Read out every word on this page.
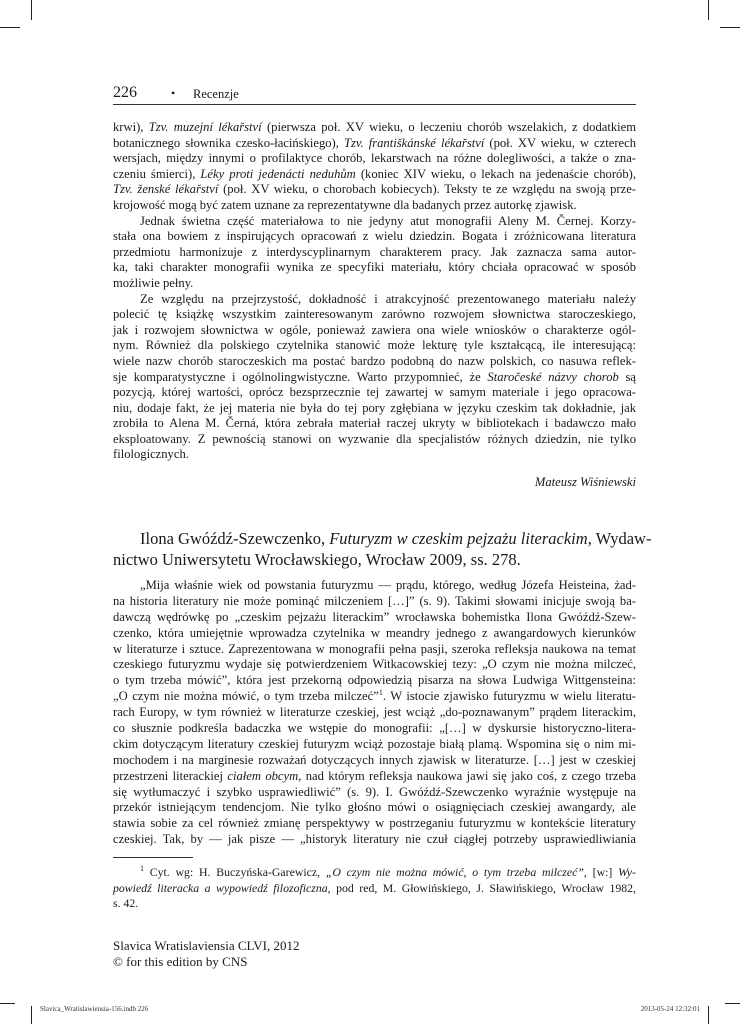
226	• Recenzje
krwi), Tzv. muzejní lékařství (pierwsza poł. XV wieku, o leczeniu chorób wszelakich, z dodatkiem
botanicznego słownika czesko-łacińskiego), Tzv. františkánské lékařství (poł. XV wieku, w czterech
wersjach, między innymi o profilaktyce chorób, lekarstwach na różne dolegliwości, a także o zna-
czeniu śmierci), Léky proti jedenácti neduhům (koniec XIV wieku, o lekach na jedenaście chorób),
Tzv. ženské lékařství (poł. XV wieku, o chorobach kobiecych). Teksty te ze względu na swoją prze-
krojowość mogą być zatem uznane za reprezentatywne dla badanych przez autorkę zjawisk.
Jednak świetna część materiałowa to nie jedyny atut monografii Aleny M. Černej. Korzy-
stała ona bowiem z inspirujących opracowań z wielu dziedzin. Bogata i zróżnicowana literatura
przedmiotu harmonizuje z interdyscyplinarnym charakterem pracy. Jak zaznacza sama autor-
ka, taki charakter monografii wynika ze specyfiki materiału, który chciała opracować w sposób
możliwie pełny.
Ze względu na przejrzystość, dokładność i atrakcyjność prezentowanego materiału należy
polecić tę książkę wszystkim zainteresowanym zarówno rozwojem słownictwa staroczeskiego,
jak i rozwojem słownictwa w ogóle, ponieważ zawiera ona wiele wniosków o charakterze ogól-
nym. Również dla polskiego czytelnika stanowić może lekturę tyle kształcącą, ile interesującą:
wiele nazw chorób staroczeskich ma postać bardzo podobną do nazw polskich, co nasuwa reflek-
sje komparatystyczne i ogólnolingwistyczne. Warto przypomnieć, że Staročeské názvy chorob są
pozycją, której wartości, oprócz bezsprzecznie tej zawartej w samym materiale i jego opracowa-
niu, dodaje fakt, że jej materia nie była do tej pory zgłębiana w języku czeskim tak dokładnie, jak
zrobiła to Alena M. Černá, która zebrała materiał raczej ukryty w bibliotekach i badawczo mało
eksploatowany. Z pewnością stanowi on wyzwanie dla specjalistów różnych dziedzin, nie tylko
filologicznych.
Mateusz Wiśniewski
Ilona Gwóźdź-Szewczenko, Futuryzm w czeskim pejzażu literackim, Wydaw-
nictwo Uniwersytetu Wrocławskiego, Wrocław 2009, ss. 278.
„Mija właśnie wiek od powstania futuryzmu — prądu, którego, według Józefa Heisteina, żad-
na historia literatury nie może pominąć milczeniem […]” (s. 9). Takimi słowami inicjuje swoją ba-
dawczą wędrówkę po „czeskim pejzażu literackim” wrocławska bohemistka Ilona Gwóźdź-Szew-
czenko, która umiejętnie wprowadza czytelnika w meandry jednego z awangardowych kierunków
w literaturze i sztuce. Zaprezentowana w monografii pełna pasji, szeroka refleksja naukowa na temat
czeskiego futuryzmu wydaje się potwierdzeniem Witkacowskiej tezy: „O czym nie można milczeć,
o tym trzeba mówić”, która jest przekorną odpowiedzią pisarza na słowa Ludwiga Wittgensteina:
„O czym nie można mówić, o tym trzeba milczeć”$^1$. W istocie zjawisko futuryzmu w wielu literatu-
rach Europy, w tym również w literaturze czeskiej, jest wciąż „do-poznawanym” prądem literackim,
co słusznie podkreśla badaczka we wstępie do monografii: „[…] w dyskursie historyczno-litera-
ckim dotyczącym literatury czeskiej futuryzm wciąż pozostaje białą plamą. Wspomina się o nim mi-
mochodem i na marginesie rozważań dotyczących innych zjawisk w literaturze. […] jest w czeskiej
przestrzeni literackiej ciałem obcym, nad którym refleksja naukowa jawi się jako coś, z czego trzeba
się wytłumaczyć i szybko usprawiedliwić” (s. 9). I. Gwóźdź-Szewczenko wyraźnie występuje na
przekór istniejącym tendencjom. Nie tylko głośno mówi o osiągnięciach czeskiej awangardy, ale
stawia sobie za cel również zmianę perspektywy w postrzeganiu futuryzmu w kontekście literatury
czeskiej. Tak, by — jak pisze — „historyk literatury nie czuł ciągłej potrzeby usprawiedliwiania
$^1$ Cyt. wg: H. Buczyńska-Garewicz, „O czym nie można mówić, o tym trzeba milczeć”, [w:] Wy-
powiedź literacka a wypowiedź filozoficzna, pod red, M. Głowińskiego, J. Sławińskiego, Wrocław 1982,
s. 42.
Slavica Wratislaviensia CLVI, 2012
© for this edition by CNS
Slavica_Wratislawiensia-156.indb 226	2013-05-24 12:32:01
